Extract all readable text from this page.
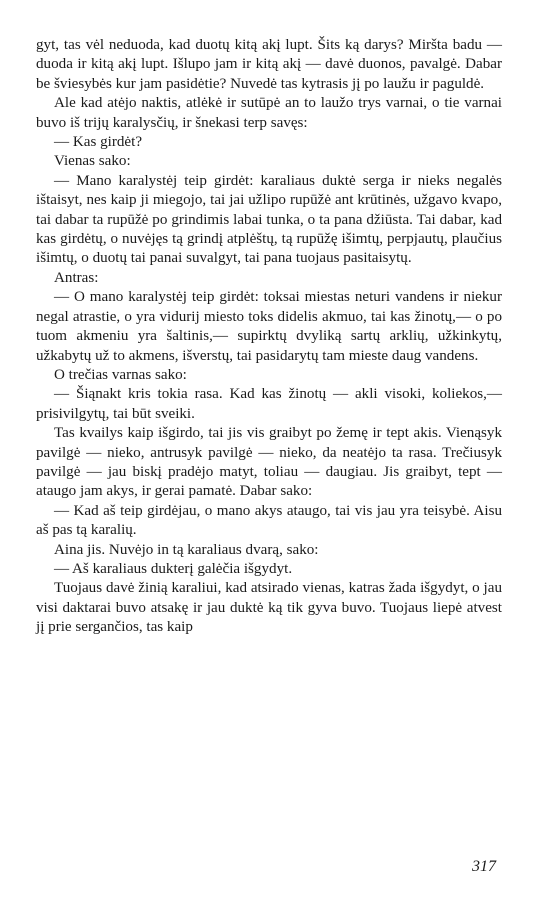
gyt, tas vėl neduoda, kad duotų kitą akį lupt. Šits ką darys? Miršta badu — duoda ir kitą akį lupt. Išlupo jam ir kitą akį — davė duonos, pavalgė. Dabar be šviesybės kur jam pasidėtie? Nuvedė tas kytrasis jį po laužu ir paguldė.

Ale kad atėjo naktis, atlėkė ir sutūpė an to laužo trys varnai, o tie varnai buvo iš trijų karalysčių, ir šnekasi terp savęs:

— Kas girdėt?

Vienas sako:

— Mano karalystėj teip girdėt: karaliaus duktė serga ir nieks negalės ištaisyt, nes kaip ji miegojo, tai jai užlipo rupūžė ant krūtinės, užgavo kvapo, tai dabar ta rupūžė po grindimis labai tunka, o ta pana džiūsta. Tai dabar, kad kas girdėtų, o nuvėjęs tą grindį atplėštų, tą rupūžę išimtų, perpjautų, plaučius išimtų, o duotų tai panai suvalgyt, tai pana tuojaus pasitaisytų.

Antras:

— O mano karalystėj teip girdėt: toksai miestas neturi vandens ir niekur negal atrastie, o yra vidurij miesto toks didelis akmuo, tai kas žinotų,— o po tuom akmeniu yra šaltinis,— supirktų dvyliką sartų arklių, užkinkytų, užkabytų už to akmens, išverstų, tai pasidarytų tam mieste daug vandens.

O trečias varnas sako:

— Šiąnakt kris tokia rasa. Kad kas žinotų — akli visoki, koliekos,— prisivilgytų, tai būt sveiki.

Tas kvailys kaip išgirdo, tai jis vis graibyt po žemę ir tept akis. Vienąsyk pavilgė — nieko, antrusyk pavilgė — nieko, da neatėjo ta rasa. Trečiusyk pavilgė — jau biskį pradėjo matyt, toliau — daugiau. Jis graibyt, tept — ataugo jam akys, ir gerai pamatė. Dabar sako:

— Kad aš teip girdėjau, o mano akys ataugo, tai vis jau yra teisybė. Aisu aš pas tą karalių.

Aina jis. Nuvėjo in tą karaliaus dvarą, sako:

— Aš karaliaus dukterį galėčia išgydyt.

Tuojaus davė žinią karaliui, kad atsirado vienas, katras žada išgydyt, o jau visi daktarai buvo atsakę ir jau duktė ką tik gyva buvo. Tuojaus liepė atvest jį prie sergančios, tas kaip

317
